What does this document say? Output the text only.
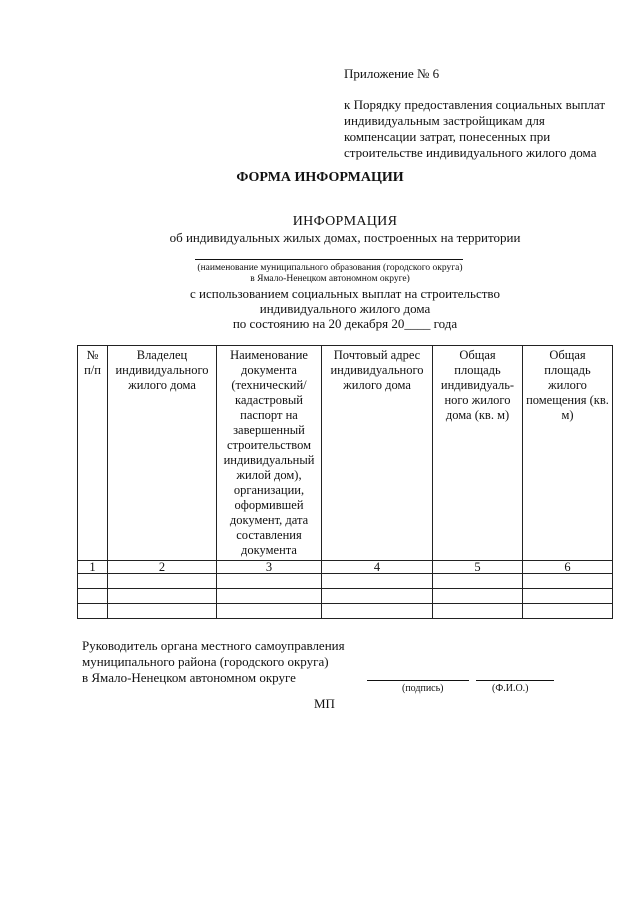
Приложение № 6
к Порядку предоставления социальных выплат
индивидуальным застройщикам для
компенсации затрат, понесенных при
строительстве индивидуального жилого дома
ФОРМА ИНФОРМАЦИИ
ИНФОРМАЦИЯ
об индивидуальных жилых домах, построенных на территории
(наименование муниципального образования (городского округа)
в Ямало-Ненецком автономном округе)
с использованием социальных выплат на строительство
индивидуального жилого дома
по состоянию на 20 декабря 20____ года
№ п/п	Владелец индивидуального жилого дома	Наименование документа (технический/ кадастровый паспорт на завершенный строительством индивидуальный жилой дом), организации, оформившей документ, дата составления документа	Почтовый адрес индивидуального жилого дома	Общая площадь индивидуаль-ного жилого дома (кв. м)	Общая площадь жилого помещения (кв. м)
1	2	3	4	5	6

Руководитель органа местного самоуправления
муниципального района (городского округа)
в Ямало-Ненецком автономном округе
(подпись)	(Ф.И.О.)
МП
